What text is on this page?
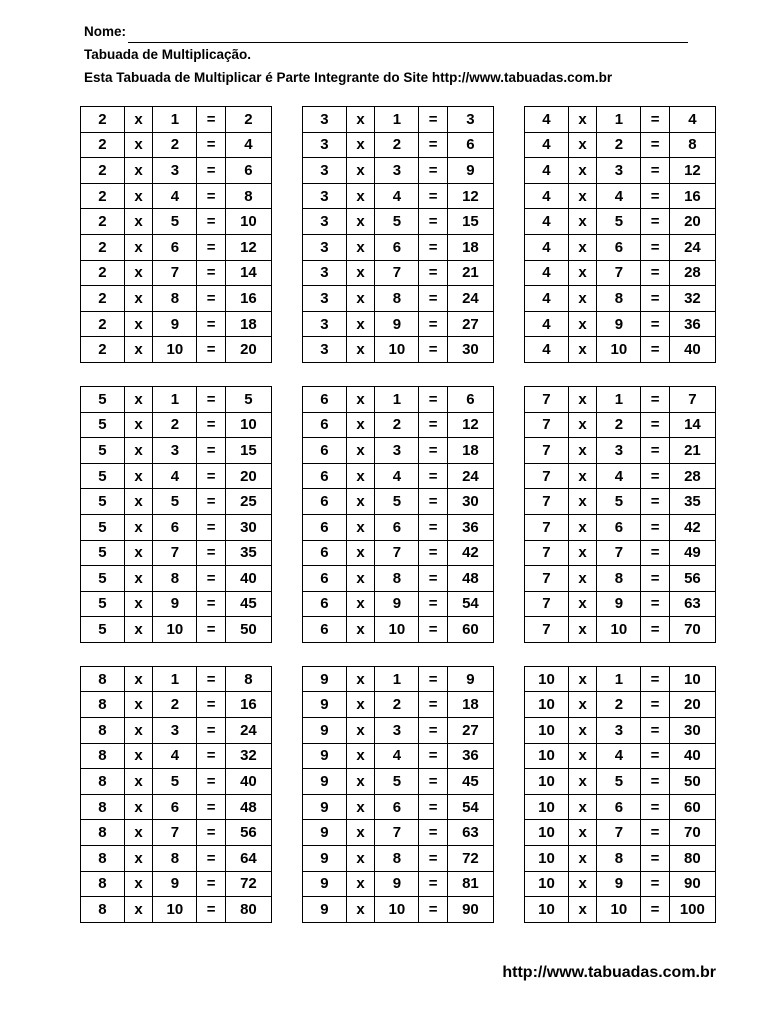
Nome:
Tabuada de Multiplicação.
Esta Tabuada de Multiplicar é Parte Integrante do Site http://www.tabuadas.com.br
2	x	1	=	2
2	x	2	=	4
2	x	3	=	6
2	x	4	=	8
2	x	5	=	10
2	x	6	=	12
2	x	7	=	14
2	x	8	=	16
2	x	9	=	18
2	x	10	=	20
3	x	1	=	3
3	x	2	=	6
3	x	3	=	9
3	x	4	=	12
3	x	5	=	15
3	x	6	=	18
3	x	7	=	21
3	x	8	=	24
3	x	9	=	27
3	x	10	=	30
4	x	1	=	4
4	x	2	=	8
4	x	3	=	12
4	x	4	=	16
4	x	5	=	20
4	x	6	=	24
4	x	7	=	28
4	x	8	=	32
4	x	9	=	36
4	x	10	=	40
5	x	1	=	5
5	x	2	=	10
5	x	3	=	15
5	x	4	=	20
5	x	5	=	25
5	x	6	=	30
5	x	7	=	35
5	x	8	=	40
5	x	9	=	45
5	x	10	=	50
6	x	1	=	6
6	x	2	=	12
6	x	3	=	18
6	x	4	=	24
6	x	5	=	30
6	x	6	=	36
6	x	7	=	42
6	x	8	=	48
6	x	9	=	54
6	x	10	=	60
7	x	1	=	7
7	x	2	=	14
7	x	3	=	21
7	x	4	=	28
7	x	5	=	35
7	x	6	=	42
7	x	7	=	49
7	x	8	=	56
7	x	9	=	63
7	x	10	=	70
8	x	1	=	8
8	x	2	=	16
8	x	3	=	24
8	x	4	=	32
8	x	5	=	40
8	x	6	=	48
8	x	7	=	56
8	x	8	=	64
8	x	9	=	72
8	x	10	=	80
9	x	1	=	9
9	x	2	=	18
9	x	3	=	27
9	x	4	=	36
9	x	5	=	45
9	x	6	=	54
9	x	7	=	63
9	x	8	=	72
9	x	9	=	81
9	x	10	=	90
10	x	1	=	10
10	x	2	=	20
10	x	3	=	30
10	x	4	=	40
10	x	5	=	50
10	x	6	=	60
10	x	7	=	70
10	x	8	=	80
10	x	9	=	90
10	x	10	=	100
http://www.tabuadas.com.br
